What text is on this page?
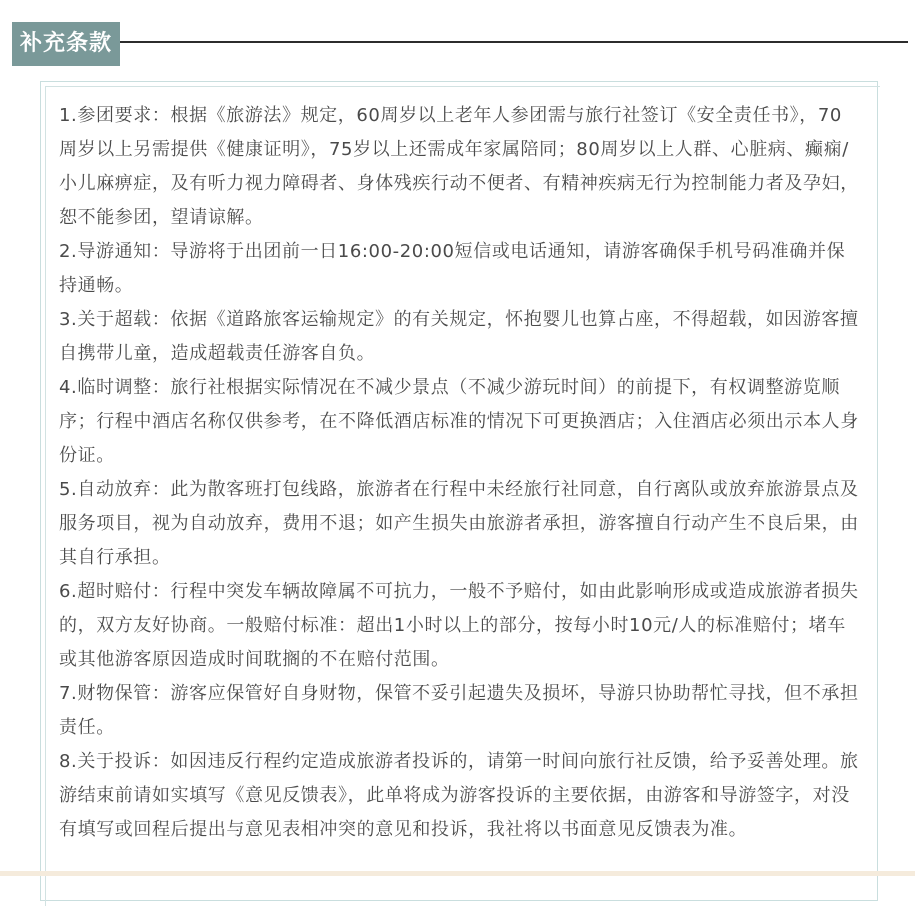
补充条款
1.参团要求：根据《旅游法》规定，60周岁以上老年人参团需与旅行社签订《安全责任书》，70周岁以上另需提供《健康证明》，75岁以上还需成年家属陪同；80周岁以上人群、心脏病、癫痫/小儿麻痹症，及有听力视力障碍者、身体残疾行动不便者、有精神疾病无行为控制能力者及孕妇，恕不能参团，望请谅解。
2.导游通知：导游将于出团前一日16:00-20:00短信或电话通知，请游客确保手机号码准确并保持通畅。
3.关于超载：依据《道路旅客运输规定》的有关规定，怀抱婴儿也算占座，不得超载，如因游客擅自携带儿童，造成超载责任游客自负。
4.临时调整：旅行社根据实际情况在不减少景点（不减少游玩时间）的前提下，有权调整游览顺序；行程中酒店名称仅供参考，在不降低酒店标准的情况下可更换酒店；入住酒店必须出示本人身份证。
5.自动放弃：此为散客班打包线路，旅游者在行程中未经旅行社同意，自行离队或放弃旅游景点及服务项目，视为自动放弃，费用不退；如产生损失由旅游者承担，游客擅自行动产生不良后果，由其自行承担。
6.超时赔付：行程中突发车辆故障属不可抗力，一般不予赔付，如由此影响形成或造成旅游者损失的，双方友好协商。一般赔付标准：超出1小时以上的部分，按每小时10元/人的标准赔付；堵车或其他游客原因造成时间耽搁的不在赔付范围。
7.财物保管：游客应保管好自身财物，保管不妥引起遗失及损坏，导游只协助帮忙寻找，但不承担责任。
8.关于投诉：如因违反行程约定造成旅游者投诉的，请第一时间向旅行社反馈，给予妥善处理。旅游结束前请如实填写《意见反馈表》，此单将成为游客投诉的主要依据，由游客和导游签字，对没有填写或回程后提出与意见表相冲突的意见和投诉，我社将以书面意见反馈表为准。
